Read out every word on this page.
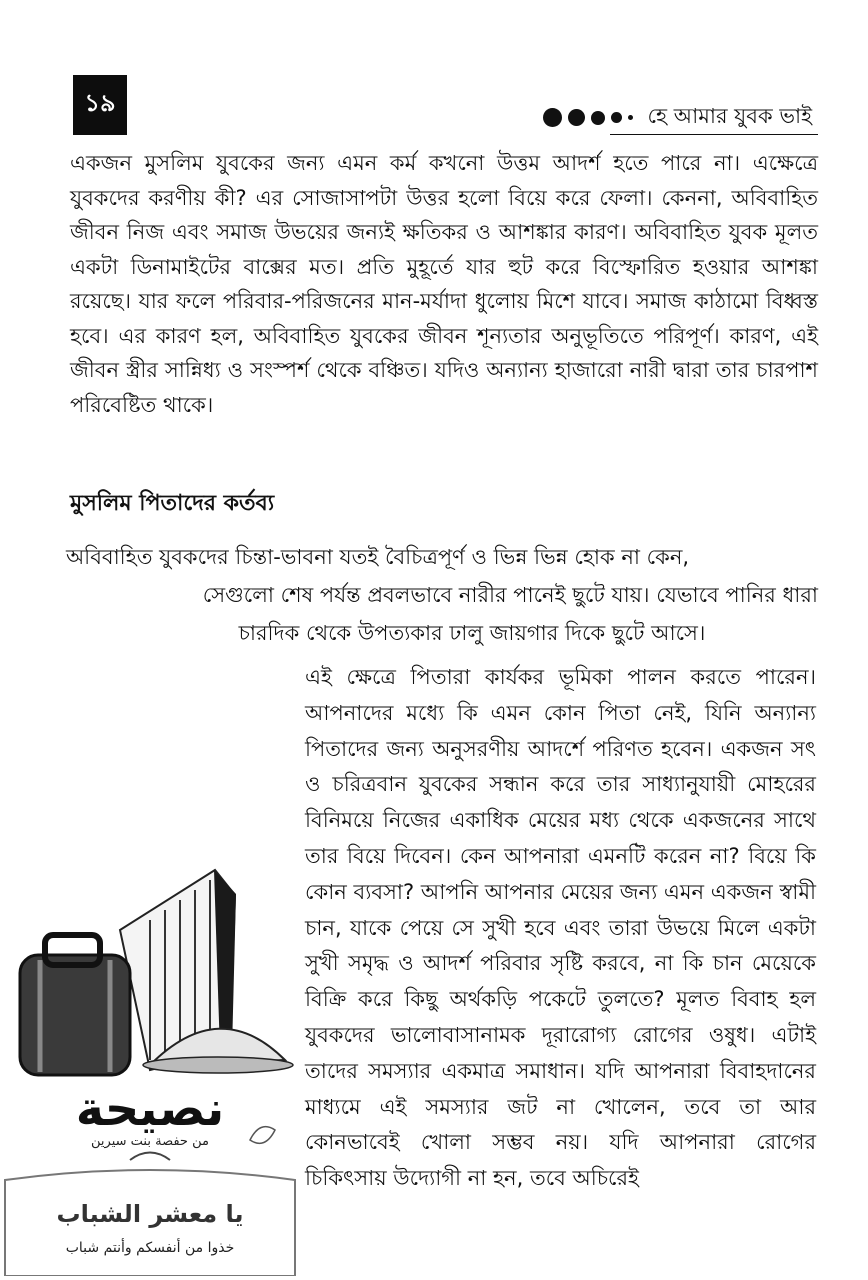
১৯	হে আমার যুবক ভাই

একজন মুসলিম যুবকের জন্য এমন কর্ম কখনো উত্তম আদর্শ হতে পারে না। এক্ষেত্রে যুবকদের করণীয় কী? এর সোজাসাপটা উত্তর হলো বিয়ে করে ফেলা। কেননা, অবিবাহিত জীবন নিজ এবং সমাজ উভয়ের জন্যই ক্ষতিকর ও আশঙ্কার কারণ। অবিবাহিত যুবক মূলত একটা ডিনামাইটের বাক্সের মত। প্রতি মুহূর্তে যার হুট করে বিস্ফোরিত হওয়ার আশঙ্কা রয়েছে। যার ফলে পরিবার-পরিজনের মান-মর্যাদা ধুলোয় মিশে যাবে। সমাজ কাঠামো বিধ্বস্ত হবে। এর কারণ হল, অবিবাহিত যুবকের জীবন শূন্যতার অনুভূতিতে পরিপূর্ণ। কারণ, এই জীবন স্ত্রীর সান্নিধ্য ও সংস্পর্শ থেকে বঞ্চিত। যদিও অন্যান্য হাজারো নারী দ্বারা তার চারপাশ পরিবেষ্টিত থাকে।

মুসলিম পিতাদের কর্তব্য
অবিবাহিত যুবকদের চিন্তা-ভাবনা যতই বৈচিত্রপূর্ণ ও ভিন্ন ভিন্ন হোক না কেন,
সেগুলো শেষ পর্যন্ত প্রবলভাবে নারীর পানেই ছুটে যায়। যেভাবে পানির ধারা
চারদিক থেকে উপত্যকার ঢালু জায়গার দিকে ছুটে আসে।

এই ক্ষেত্রে পিতারা কার্যকর ভূমিকা পালন করতে পারেন। আপনাদের মধ্যে কি এমন কোন পিতা নেই, যিনি অন্যান্য পিতাদের জন্য অনুসরণীয় আদর্শে পরিণত হবেন। একজন সৎ ও চরিত্রবান যুবকের সন্ধান করে তার সাধ্যানুযায়ী মোহরের বিনিময়ে নিজের একাধিক মেয়ের মধ্য থেকে একজনের সাথে তার বিয়ে দিবেন। কেন আপনারা এমনটি করেন না? বিয়ে কি কোন ব্যবসা? আপনি আপনার মেয়ের জন্য এমন একজন স্বামী চান, যাকে পেয়ে সে সুখী হবে এবং তারা উভয়ে মিলে একটা সুখী সমৃদ্ধ ও আদর্শ পরিবার সৃষ্টি করবে, না কি চান মেয়েকে বিক্রি করে কিছু অর্থকড়ি পকেটে তুলতে? মূলত বিবাহ হল যুবকদের ভালোবাসানামক দূরারোগ্য রোগের ওষুধ। এটাই তাদের সমস্যার একমাত্র সমাধান। যদি আপনারা বিবাহদানের মাধ্যমে এই সমস্যার জট না খোলেন, তবে তা আর কোনভাবেই খোলা সম্ভব নয়। যদি আপনারা রোগের চিকিৎসায় উদ্যোগী না হন, তবে অচিরেই

نصيحة
من حفصة بنت سيرين
يا معشر الشباب
خذوا من أنفسكم وأنتم شباب
